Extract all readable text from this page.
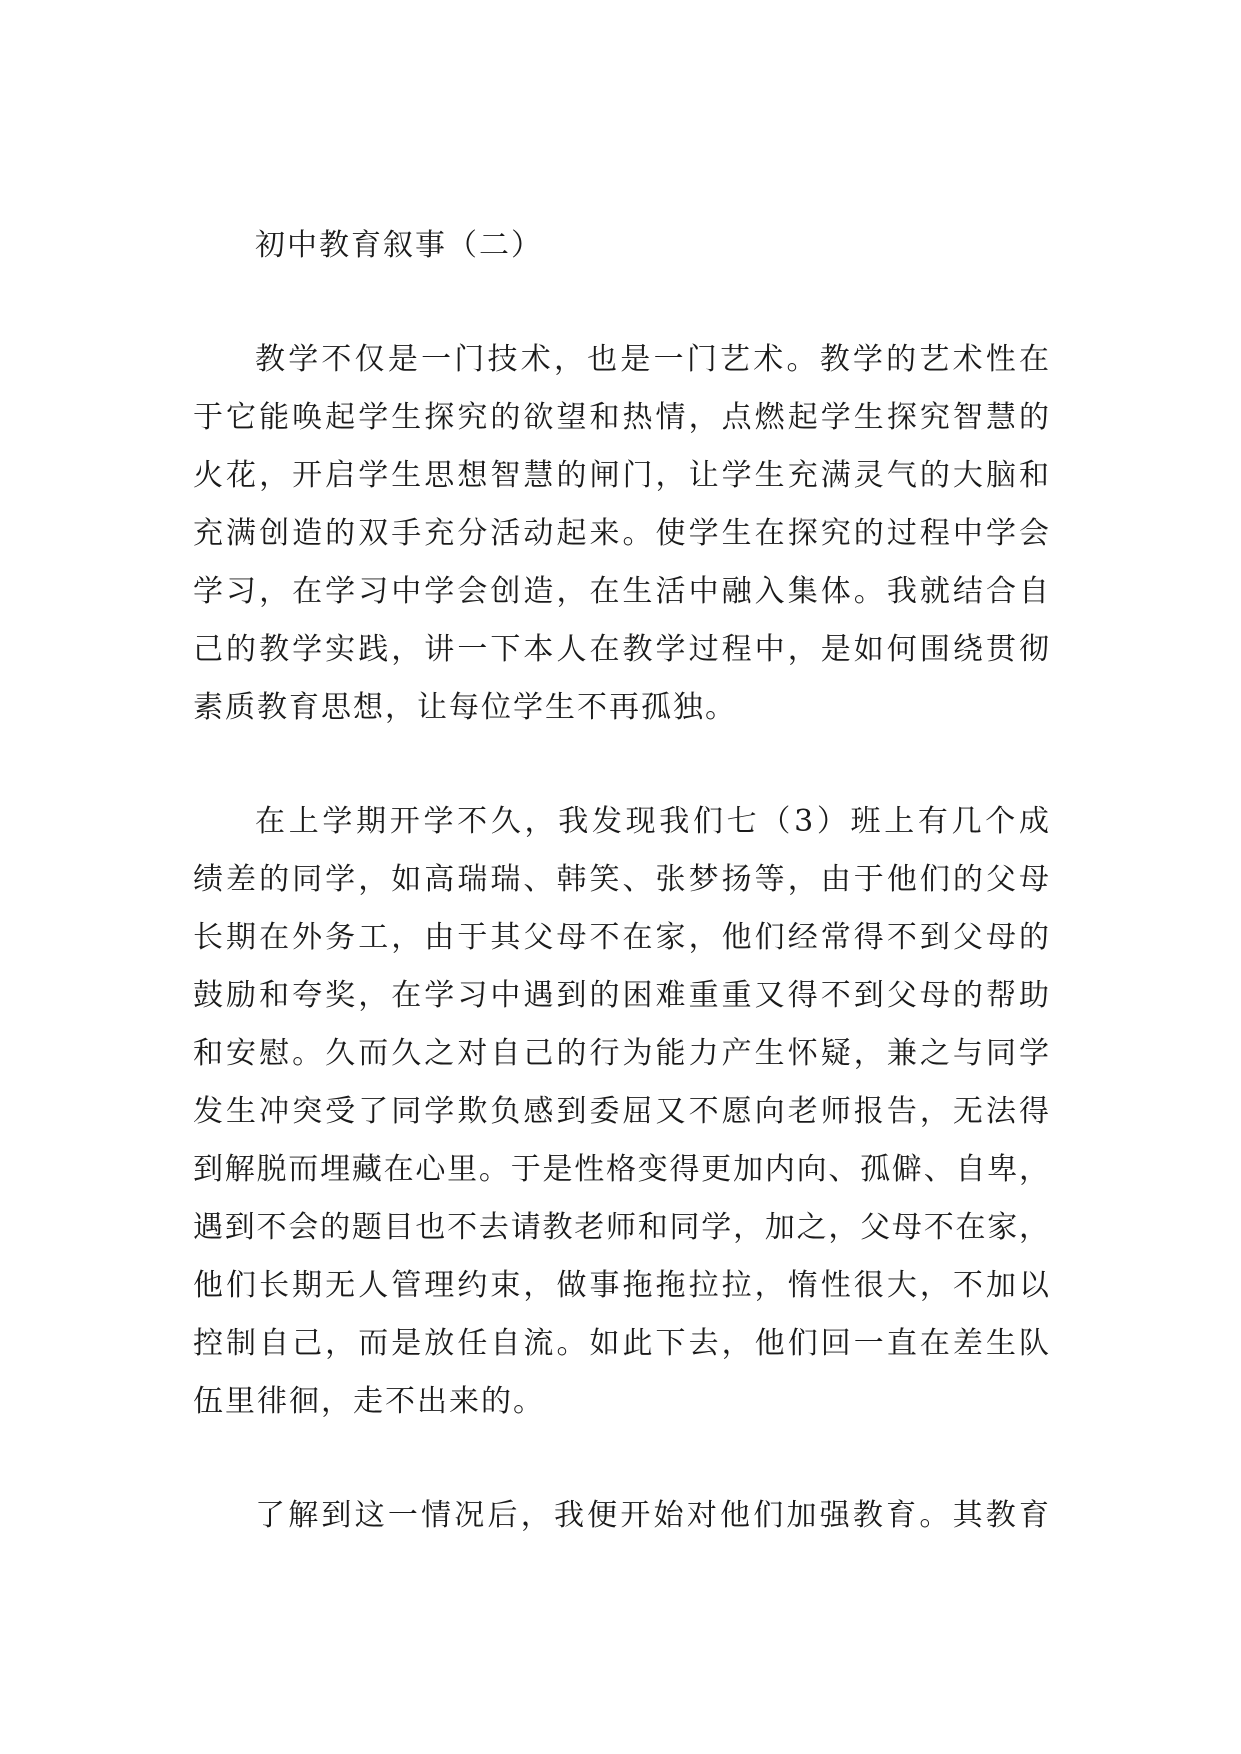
初中教育叙事（二）

教学不仅是一门技术，也是一门艺术。教学的艺术性在
于它能唤起学生探究的欲望和热情，点燃起学生探究智慧的
火花，开启学生思想智慧的闸门，让学生充满灵气的大脑和
充满创造的双手充分活动起来。使学生在探究的过程中学会
学习，在学习中学会创造，在生活中融入集体。我就结合自
己的教学实践，讲一下本人在教学过程中，是如何围绕贯彻
素质教育思想，让每位学生不再孤独。

在上学期开学不久，我发现我们七（3）班上有几个成
绩差的同学，如高瑞瑞、韩笑、张梦扬等，由于他们的父母
长期在外务工，由于其父母不在家，他们经常得不到父母的
鼓励和夸奖，在学习中遇到的困难重重又得不到父母的帮助
和安慰。久而久之对自己的行为能力产生怀疑，兼之与同学
发生冲突受了同学欺负感到委屈又不愿向老师报告，无法得
到解脱而埋藏在心里。于是性格变得更加内向、孤僻、自卑，
遇到不会的题目也不去请教老师和同学，加之，父母不在家，
他们长期无人管理约束，做事拖拖拉拉，惰性很大，不加以
控制自己，而是放任自流。如此下去，他们回一直在差生队
伍里徘徊，走不出来的。

了解到这一情况后，我便开始对他们加强教育。其教育
